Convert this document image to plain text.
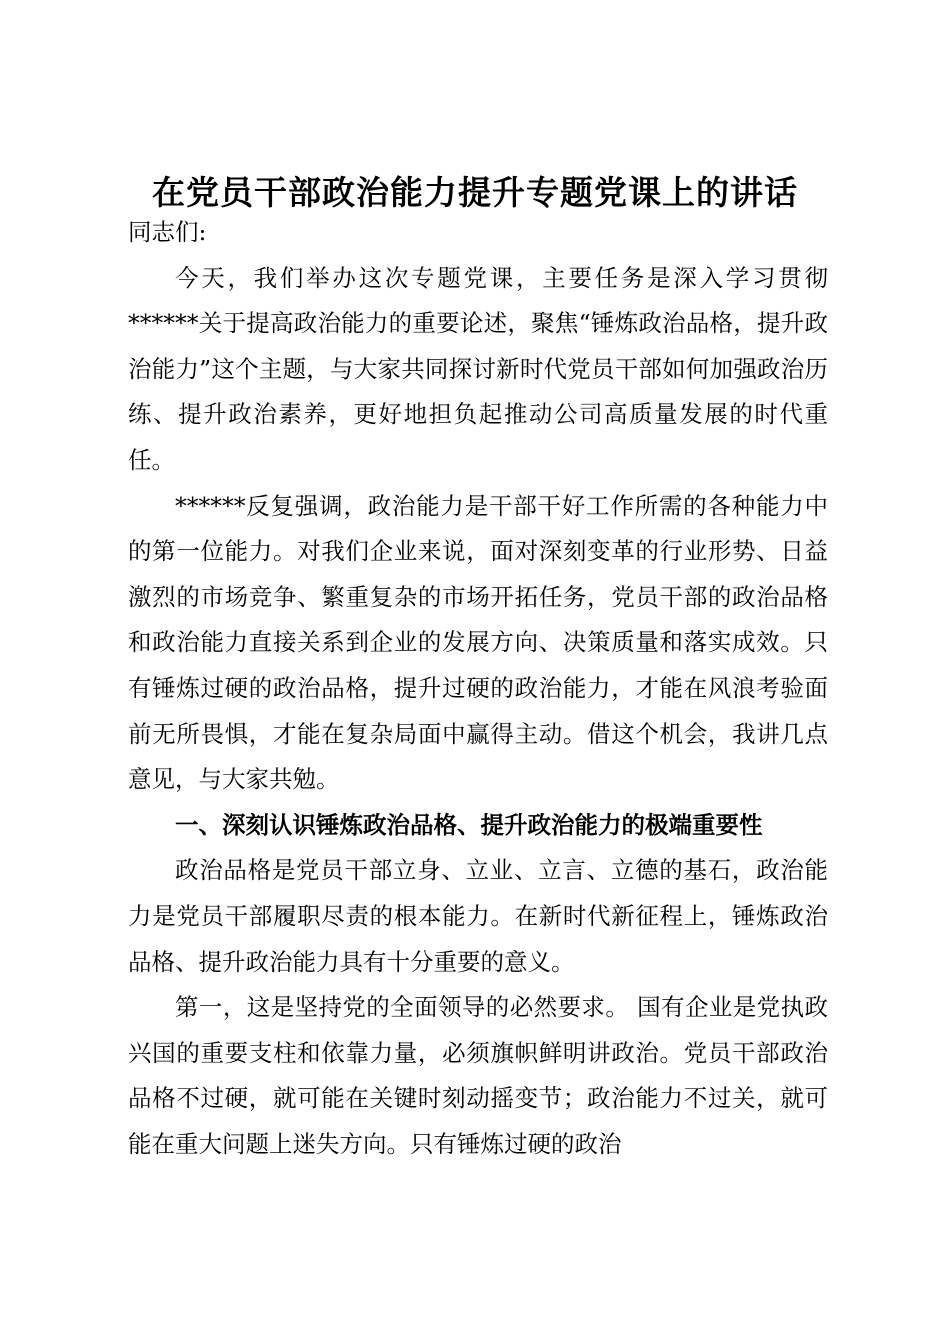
在党员干部政治能力提升专题党课上的讲话

同志们:

今天，我们举办这次专题党课，主要任务是深入学习贯彻******关于提高政治能力的重要论述，聚焦“锤炼政治品格，提升政治能力”这个主题，与大家共同探讨新时代党员干部如何加强政治历练、提升政治素养，更好地担负起推动公司高质量发展的时代重任。

******反复强调，政治能力是干部干好工作所需的各种能力中的第一位能力。对我们企业来说，面对深刻变革的行业形势、日益激烈的市场竞争、繁重复杂的市场开拓任务，党员干部的政治品格和政治能力直接关系到企业的发展方向、决策质量和落实成效。只有锤炼过硬的政治品格，提升过硬的政治能力，才能在风浪考验面前无所畏惧，才能在复杂局面中赢得主动。借这个机会，我讲几点意见，与大家共勉。

一、深刻认识锤炼政治品格、提升政治能力的极端重要性

政治品格是党员干部立身、立业、立言、立德的基石，政治能力是党员干部履职尽责的根本能力。在新时代新征程上，锤炼政治品格、提升政治能力具有十分重要的意义。

第一，这是坚持党的全面领导的必然要求。 国有企业是党执政兴国的重要支柱和依靠力量，必须旗帜鲜明讲政治。党员干部政治品格不过硬，就可能在关键时刻动摇变节；政治能力不过关，就可能在重大问题上迷失方向。只有锤炼过硬的政治
